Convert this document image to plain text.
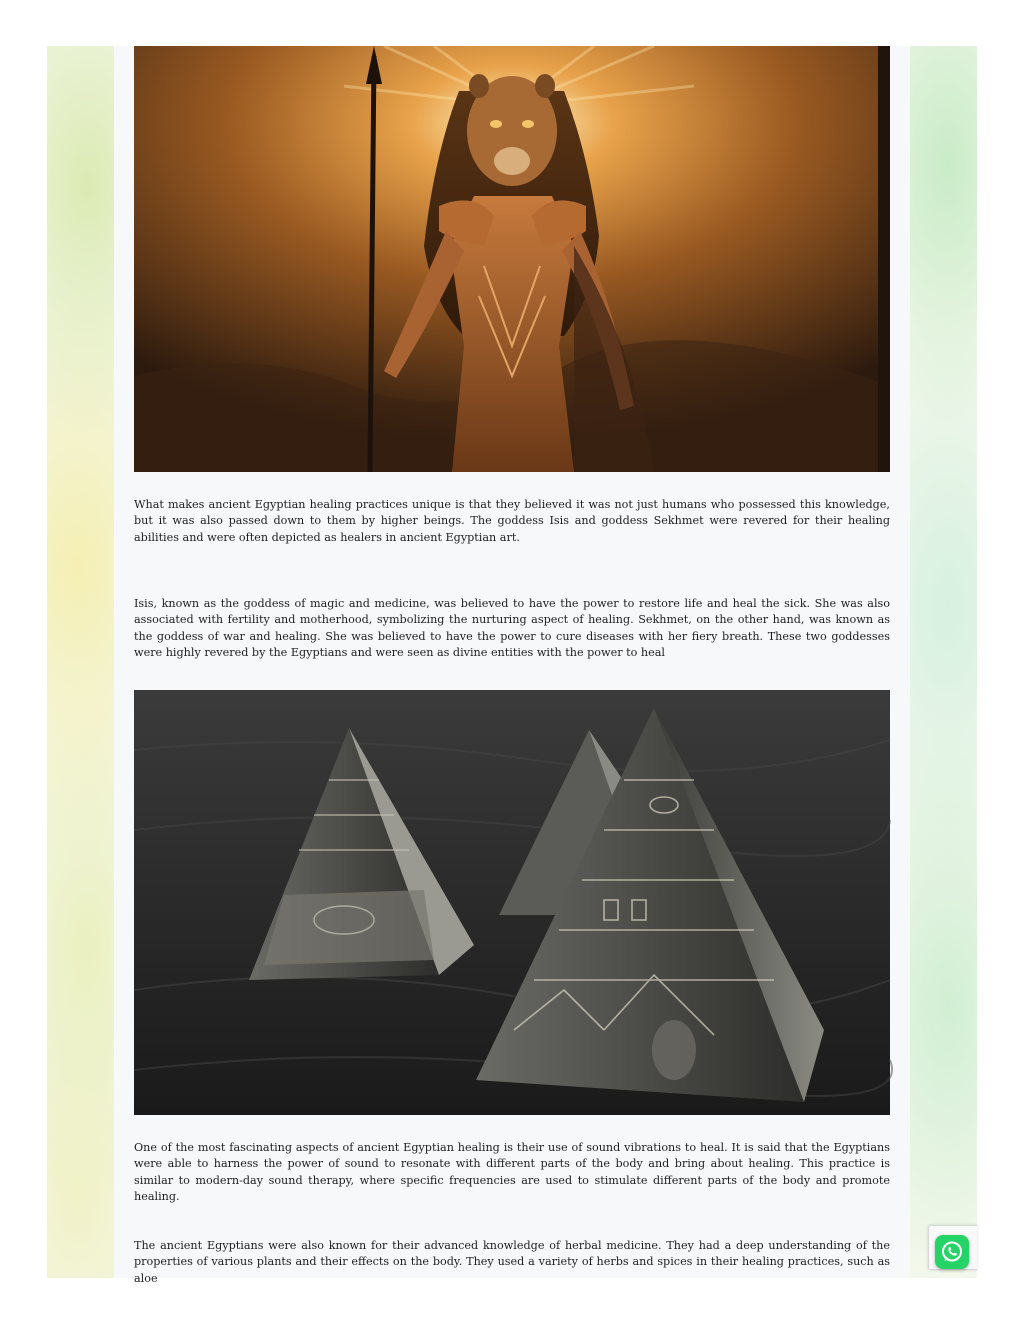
What makes ancient Egyptian healing practices unique is that they believed it was not just humans who possessed this knowledge, but it was also passed down to them by higher beings. The goddess Isis and goddess Sekhmet were revered for their healing abilities and were often depicted as healers in ancient Egyptian art.

Isis, known as the goddess of magic and medicine, was believed to have the power to restore life and heal the sick. She was also associated with fertility and motherhood, symbolizing the nurturing aspect of healing. Sekhmet, on the other hand, was known as the goddess of war and healing. She was believed to have the power to cure diseases with her fiery breath. These two goddesses were highly revered by the Egyptians and were seen as divine entities with the power to heal

One of the most fascinating aspects of ancient Egyptian healing is their use of sound vibrations to heal. It is said that the Egyptians were able to harness the power of sound to resonate with different parts of the body and bring about healing. This practice is similar to modern-day sound therapy, where specific frequencies are used to stimulate different parts of the body and promote healing.

The ancient Egyptians were also known for their advanced knowledge of herbal medicine. They had a deep understanding of the properties of various plants and their effects on the body. They used a variety of herbs and spices in their healing practices, such as aloe
